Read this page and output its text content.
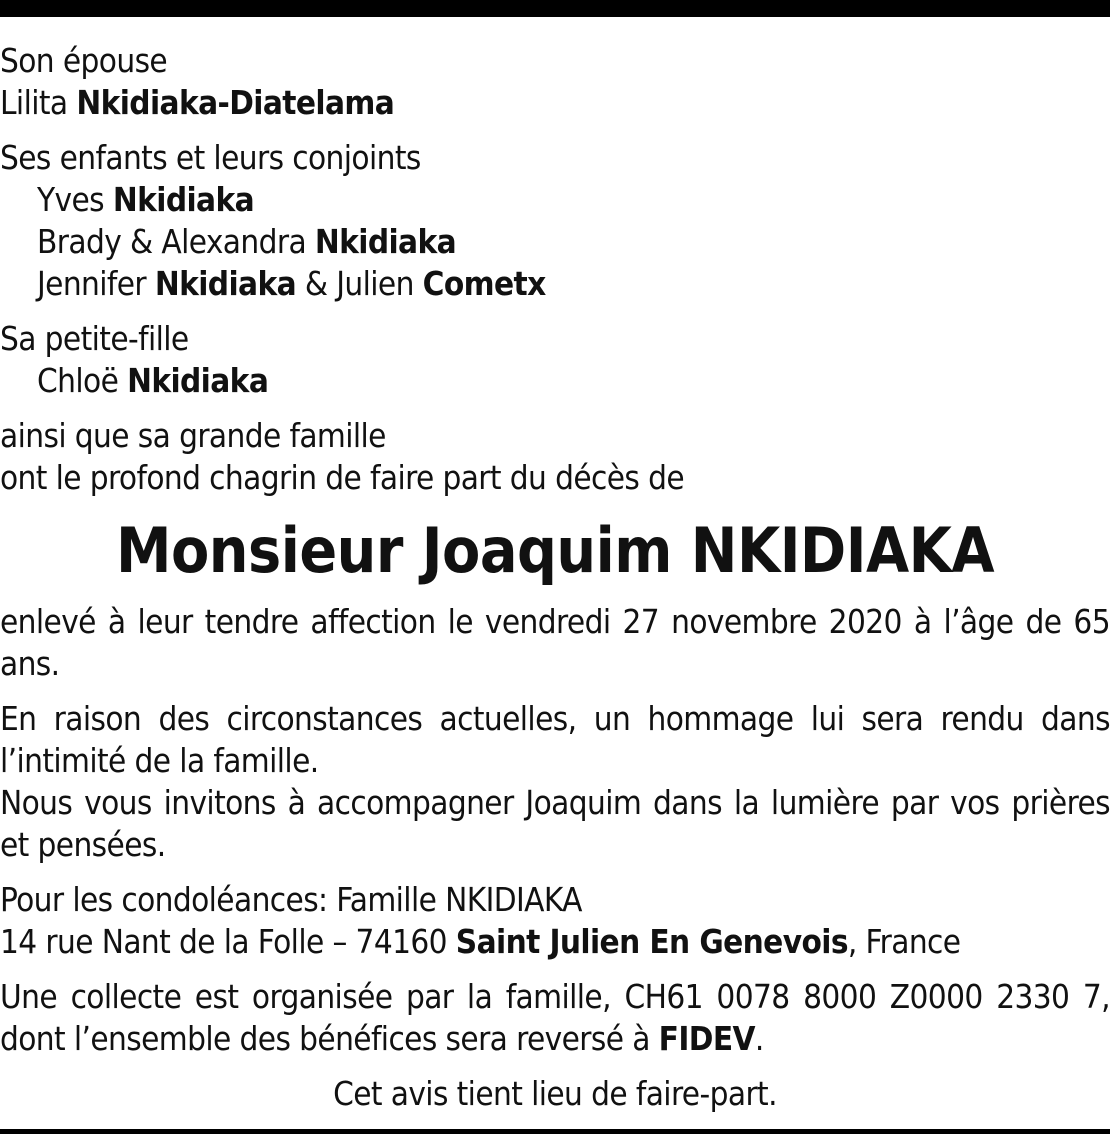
Son épouse
Lilita Nkidiaka-Diatelama
Ses enfants et leurs conjoints
Yves Nkidiaka
Brady & Alexandra Nkidiaka
Jennifer Nkidiaka & Julien Cometx
Sa petite-fille
Chloë Nkidiaka
ainsi que sa grande famille
ont le profond chagrin de faire part du décès de
Monsieur Joaquim NKIDIAKA

enlevé à leur tendre affection le vendredi 27 novembre 2020 à l’âge de 65 ans.

En raison des circonstances actuelles, un hommage lui sera rendu dans l’intimité de la famille.

Nous vous invitons à accompagner Joaquim dans la lumière par vos prières et pensées.

Pour les condoléances: Famille NKIDIAKA
14 rue Nant de la Folle – 74160 Saint Julien En Genevois, France

Une collecte est organisée par la famille, CH61 0078 8000 Z0000 2330 7, dont l’ensemble des bénéfices sera reversé à FIDEV.

Cet avis tient lieu de faire-part.
